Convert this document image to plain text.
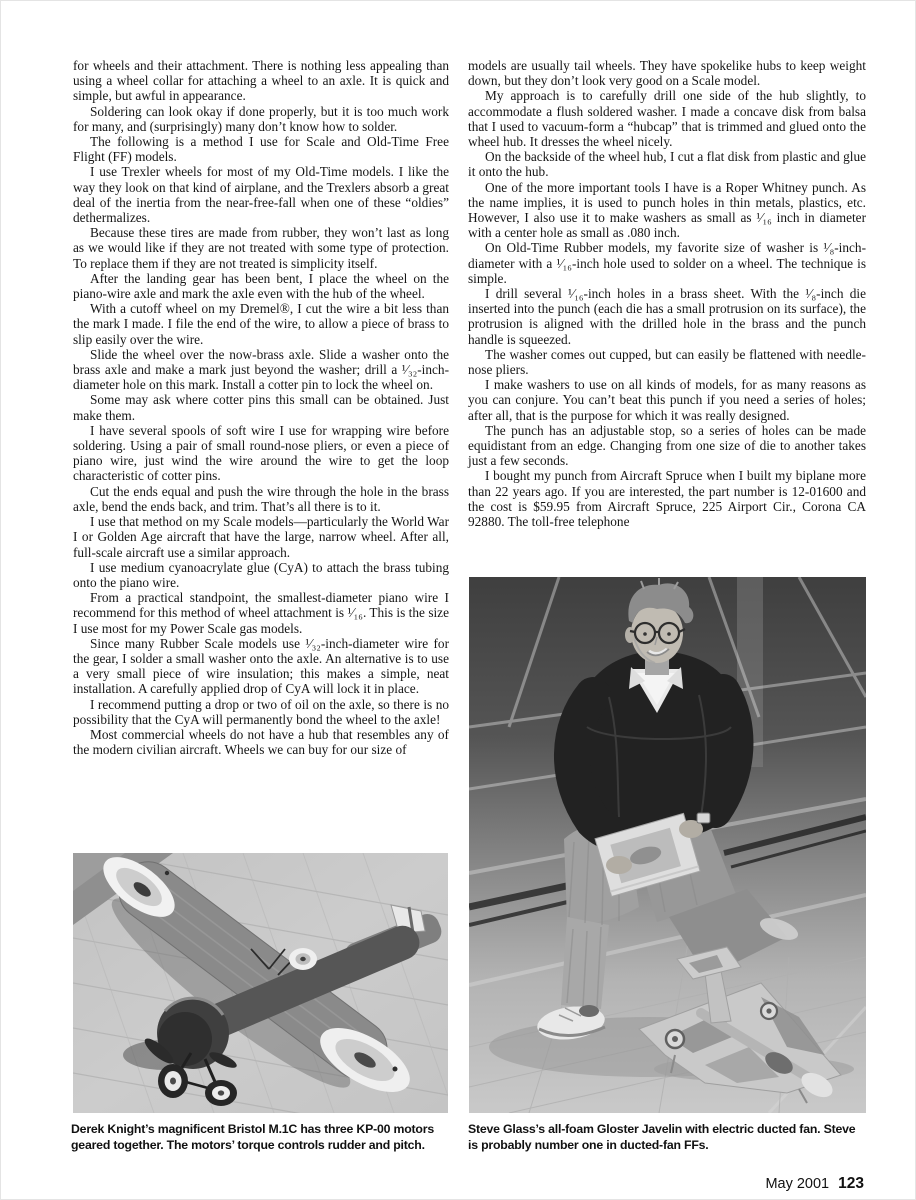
for wheels and their attachment. There is nothing less appealing than using a wheel collar for attaching a wheel to an axle. It is quick and simple, but awful in appearance.

Soldering can look okay if done properly, but it is too much work for many, and (surprisingly) many don’t know how to solder.

The following is a method I use for Scale and Old-Time Free Flight (FF) models.

I use Trexler wheels for most of my Old-Time models. I like the way they look on that kind of airplane, and the Trexlers absorb a great deal of the inertia from the near-free-fall when one of these “oldies” dethermalizes.

Because these tires are made from rubber, they won’t last as long as we would like if they are not treated with some type of protection. To replace them if they are not treated is simplicity itself.

After the landing gear has been bent, I place the wheel on the piano-wire axle and mark the axle even with the hub of the wheel.

With a cutoff wheel on my Dremel®, I cut the wire a bit less than the mark I made. I file the end of the wire, to allow a piece of brass to slip easily over the wire.

Slide the wheel over the now-brass axle. Slide a washer onto the brass axle and make a mark just beyond the washer; drill a ¹⁄₃₂-inch-diameter hole on this mark. Install a cotter pin to lock the wheel on.

Some may ask where cotter pins this small can be obtained. Just make them.

I have several spools of soft wire I use for wrapping wire before soldering. Using a pair of small round-nose pliers, or even a piece of piano wire, just wind the wire around the wire to get the loop characteristic of cotter pins.

Cut the ends equal and push the wire through the hole in the brass axle, bend the ends back, and trim. That’s all there is to it.

I use that method on my Scale models—particularly the World War I or Golden Age aircraft that have the large, narrow wheel. After all, full-scale aircraft use a similar approach.

I use medium cyanoacrylate glue (CyA) to attach the brass tubing onto the piano wire.

From a practical standpoint, the smallest-diameter piano wire I recommend for this method of wheel attachment is ¹⁄₁₆. This is the size I use most for my Power Scale gas models.

Since many Rubber Scale models use ¹⁄₃₂-inch-diameter wire for the gear, I solder a small washer onto the axle. An alternative is to use a very small piece of wire insulation; this makes a simple, neat installation. A carefully applied drop of CyA will lock it in place.

I recommend putting a drop or two of oil on the axle, so there is no possibility that the CyA will permanently bond the wheel to the axle!

Most commercial wheels do not have a hub that resembles any of the modern civilian aircraft. Wheels we can buy for our size of

models are usually tail wheels. They have spokelike hubs to keep weight down, but they don’t look very good on a Scale model.

My approach is to carefully drill one side of the hub slightly, to accommodate a flush soldered washer. I made a concave disk from balsa that I used to vacuum-form a “hubcap” that is trimmed and glued onto the wheel hub. It dresses the wheel nicely.

On the backside of the wheel hub, I cut a flat disk from plastic and glue it onto the hub.

One of the more important tools I have is a Roper Whitney punch. As the name implies, it is used to punch holes in thin metals, plastics, etc. However, I also use it to make washers as small as ¹⁄₁₆ inch in diameter with a center hole as small as .080 inch.

On Old-Time Rubber models, my favorite size of washer is ¹⁄₈-inch-diameter with a ¹⁄₁₆-inch hole used to solder on a wheel. The technique is simple.

I drill several ¹⁄₁₆-inch holes in a brass sheet. With the ¹⁄₈-inch die inserted into the punch (each die has a small protrusion on its surface), the protrusion is aligned with the drilled hole in the brass and the punch handle is squeezed.

The washer comes out cupped, but can easily be flattened with needle-nose pliers.

I make washers to use on all kinds of models, for as many reasons as you can conjure. You can’t beat this punch if you need a series of holes; after all, that is the purpose for which it was really designed.

The punch has an adjustable stop, so a series of holes can be made equidistant from an edge. Changing from one size of die to another takes just a few seconds.

I bought my punch from Aircraft Spruce when I built my biplane more than 22 years ago. If you are interested, the part number is 12-01600 and the cost is $59.95 from Aircraft Spruce, 225 Airport Cir., Corona CA 92880. The toll-free telephone

Derek Knight’s magnificent Bristol M.1C has three KP-00 motors geared together. The motors’ torque controls rudder and pitch.
Steve Glass’s all-foam Gloster Javelin with electric ducted fan. Steve is probably number one in ducted-fan FFs.
May 2001 123
